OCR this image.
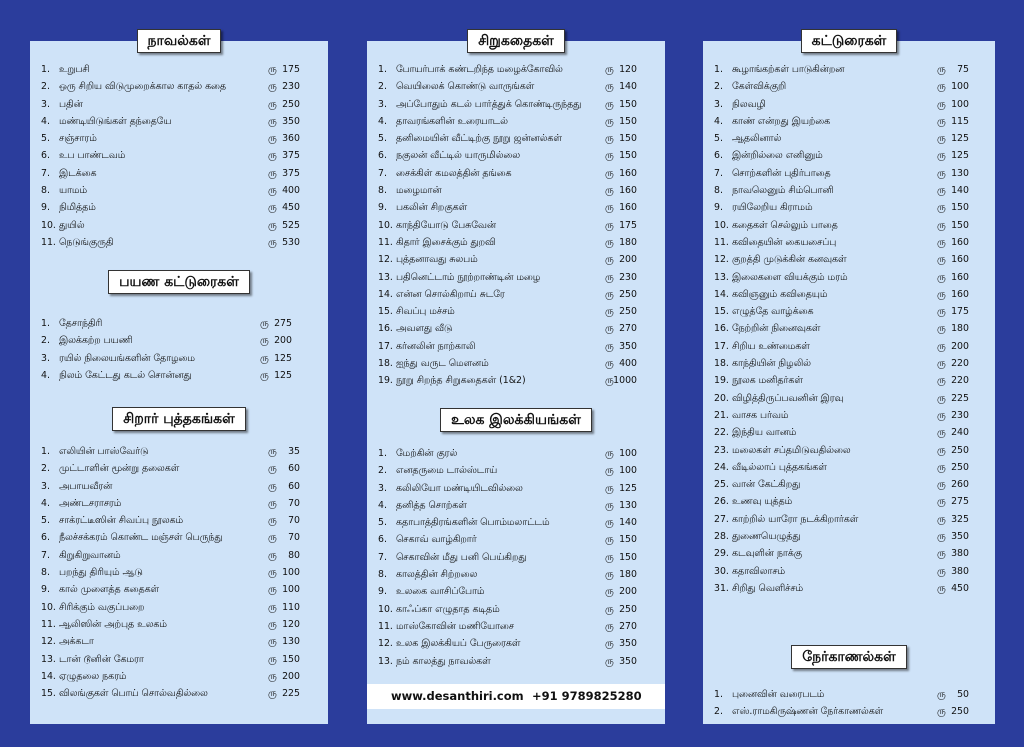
நாவல்கள்
1. உறுபசி	ரு 175
2. ஒரு சிறிய விடுமுறைக்கால காதல் கதை	ரு 230
3. பதின்	ரு 250
4. மண்டியிடுங்கள் தந்தையே	ரு 350
5. சஞ்சாரம்	ரு 360
6. உப பாண்டவம்	ரு 375
7. இடக்கை	ரு 375
8. யாமம்	ரு 400
9. நிமித்தம்	ரு 450
10. துயில்	ரு 525
11. நெடுங்குருதி	ரு 530
பயண கட்டுரைகள்
1. தேசாந்திரி	ரு 275
2. இலக்கற்ற பயணி	ரு 200
3. ரயில் நிலையங்களின் தோழமை	ரு 125
4. நிலம் கேட்டது கடல் சொன்னது	ரு 125
சிறார் புத்தகங்கள்
1. எலியின் பாஸ்வேர்டு	ரு	35
2. முட்டாளின் மூன்று தலைகள்	ரு	60
3. அபாயவீரன்	ரு	60
4. அண்டசராசரம்	ரு	70
5. சாக்ரட்டீஸின் சிவப்பு நூலகம்	ரு	70
6. நீலச்சக்கரம் கொண்ட மஞ்சள் பெருந்து	ரு	70
7. கிறுகிறுவானம்	ரு	80
8. பறந்து திரியும் ஆடு	ரு 100
9. கால் முளைத்த கதைகள்	ரு 100
10. சிரிக்கும் வகுப்பறை	ரு 110
11. ஆலிஸின் அற்புத உலகம்	ரு 120
12. அக்கடா	ரு 130
13. டான் டூனின் கேமரா	ரு 150
14. ஏழுதலை நகரம்	ரு 200
15. விலங்குகள் பொய் சொல்வதில்லை	ரு 225
சிறுகதைகள்
1. போயர்பாக் கண்டறிந்த மழைக்கோவில்	ரு 120
2. வெயிலைக் கொண்டு வாருங்கள்	ரு 140
3. அப்போதும் கடல் பார்த்துக் கொண்டிருந்தது	ரு 150
4. தாவரங்களின் உரையாடல்	ரு 150
5. தனிமையின் வீட்டிற்கு நூறு ஜன்னல்கள்	ரு 150
6. நகுலன் வீட்டில் யாருமில்லை	ரு 150
7. சைக்கிள் கமலத்தின் தங்கை	ரு 160
8. மழைமான்	ரு 160
9. பகலின் சிறகுகள்	ரு 160
10. காந்தியோடு பேசுவேன்	ரு 175
11. கிதார் இசைக்கும் துறவி	ரு 180
12. புத்தனாவது சுலபம்	ரு 200
13. பதினெட்டாம் நூற்றாண்டின் மழை	ரு 230
14. என்ன சொல்கிறாய் சுடரே	ரு 250
15. சிவப்பு மச்சம்	ரு 250
16. அவளது வீடு	ரு 270
17. கர்னலின் நாற்காலி	ரு 350
18. ஐந்து வருட மௌனம்	ரு 400
19. நூறு சிறந்த சிறுகதைகள் (1&2)	ரு 1000
உலக இலக்கியங்கள்
1. மேற்கின் குரல்	ரு 100
2. எனதருமை டால்ஸ்டாய்	ரு 100
3. கலிலியோ மண்டியிடவில்லை	ரு 125
4. தனித்த சொற்கள்	ரு 130
5. கதாபாத்திரங்களின் பொம்மலாட்டம்	ரு 140
6. செகாவ் வாழ்கிறார்	ரு 150
7. செகாவின் மீது பனி பெய்கிறது	ரு 150
8. காலத்தின் சிற்றலை	ரு 180
9. உலகை வாசிப்போம்	ரு 200
10. காஃப்கா எழுதாத கடிதம்	ரு 250
11. மாஸ்கோவின் மணியோசை	ரு 270
12. உலக இலக்கியப் பேருரைகள்	ரு 350
13. நம் காலத்து நாவல்கள்	ரு 350
www.desanthiri.com +91 9789825280
கட்டுரைகள்
1. கூழாங்கற்கள் பாடுகின்றன	ரு	75
2. கேள்விக்குறி	ரு 100
3. நிலவழி	ரு 100
4. காண் என்றது இயற்கை	ரு 115
5. ஆதலினால்	ரு 125
6. இன்றில்லை எனினும்	ரு 125
7. சொற்களின் புதிர்பாதை	ரு 130
8. நாவலெனும் சிம்பொனி	ரு 140
9. ரயிலேறிய கிராமம்	ரு 150
10. கதைகள் செல்லும் பாதை	ரு 150
11. கவிதையின் கையசைப்பு	ரு 160
12. குறத்தி முடுக்கின் கனவுகள்	ரு 160
13. இலைகளை வியக்கும் மரம்	ரு 160
14. கவிஞனும் கவிதையும்	ரு 160
15. எழுத்தே வாழ்க்கை	ரு 175
16. நேற்றின் நினைவுகள்	ரு 180
17. சிறிய உண்மைகள்	ரு 200
18. காந்தியின் நிழலில்	ரு 220
19. நூலக மனிதர்கள்	ரு 220
20. விழித்திருப்பவனின் இரவு	ரு 225
21. வாசக பர்வம்	ரு 230
22. இந்திய வானம்	ரு 240
23. மலைகள் சப்தமிடுவதில்லை	ரு 250
24. வீடில்லாப் புத்தகங்கள்	ரு 250
25. வான் கேட்கிறது	ரு 260
26. உணவு யுத்தம்	ரு 275
27. காற்றில் யாரோ நடக்கிறார்கள்	ரு 325
28. துணையெழுத்து	ரு 350
29. கடவுளின் நாக்கு	ரு 380
30. கதாவிலாசம்	ரு 380
31. சிறிது வெளிச்சம்	ரு 450
நேர்காணல்கள்
1. புனைவின் வரைபடம்	ரு	50
2. எஸ்.ராமகிருஷ்ணன் நேர்காணல்கள்	ரு 250
